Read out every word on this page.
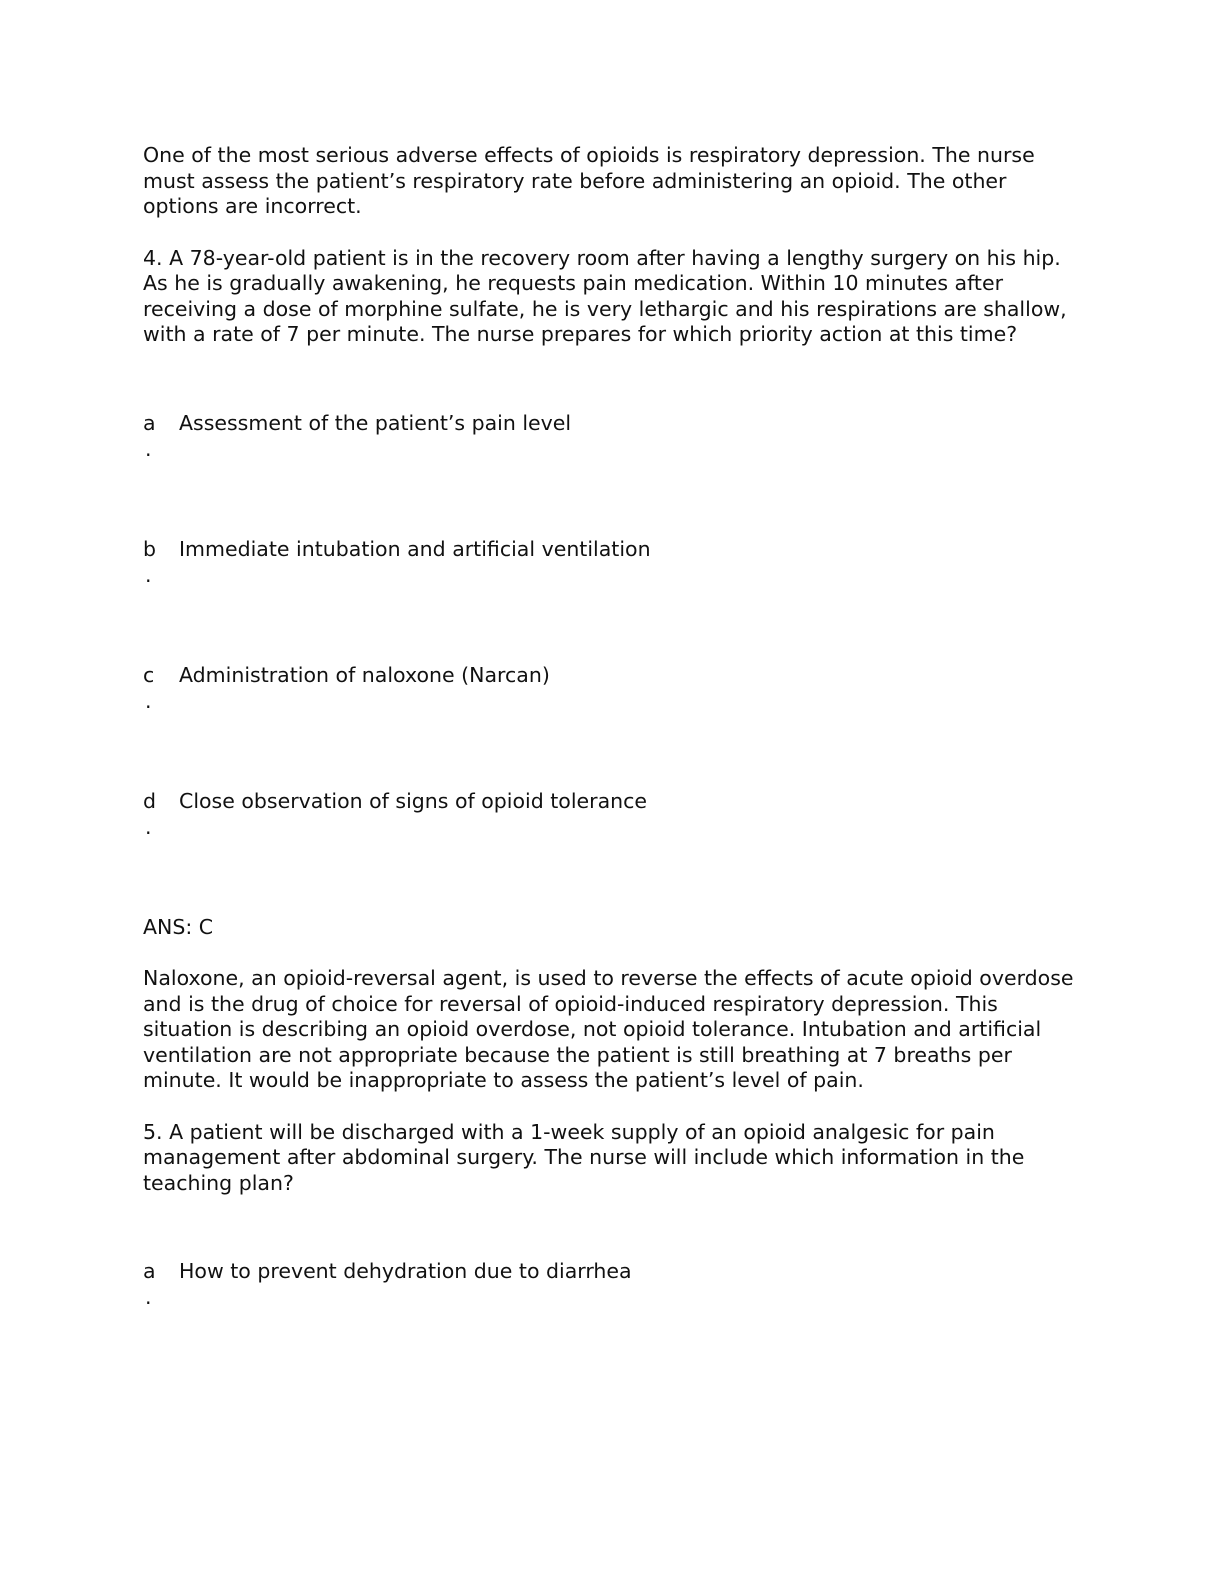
One of the most serious adverse effects of opioids is respiratory depression. The nurse must assess the patient’s respiratory rate before administering an opioid. The other options are incorrect.

4. A 78-year-old patient is in the recovery room after having a lengthy surgery on his hip. As he is gradually awakening, he requests pain medication. Within 10 minutes after receiving a dose of morphine sulfate, he is very lethargic and his respirations are shallow, with a rate of 7 per minute. The nurse prepares for which priority action at this time?

a	Assessment of the patient’s pain level
.
b	Immediate intubation and artificial ventilation
.
c	Administration of naloxone (Narcan)
.
d	Close observation of signs of opioid tolerance
.

ANS: C

Naloxone, an opioid-reversal agent, is used to reverse the effects of acute opioid overdose and is the drug of choice for reversal of opioid-induced respiratory depression. This situation is describing an opioid overdose, not opioid tolerance. Intubation and artificial ventilation are not appropriate because the patient is still breathing at 7 breaths per minute. It would be inappropriate to assess the patient’s level of pain.

5. A patient will be discharged with a 1-week supply of an opioid analgesic for pain management after abdominal surgery. The nurse will include which information in the teaching plan?

a	How to prevent dehydration due to diarrhea
.
